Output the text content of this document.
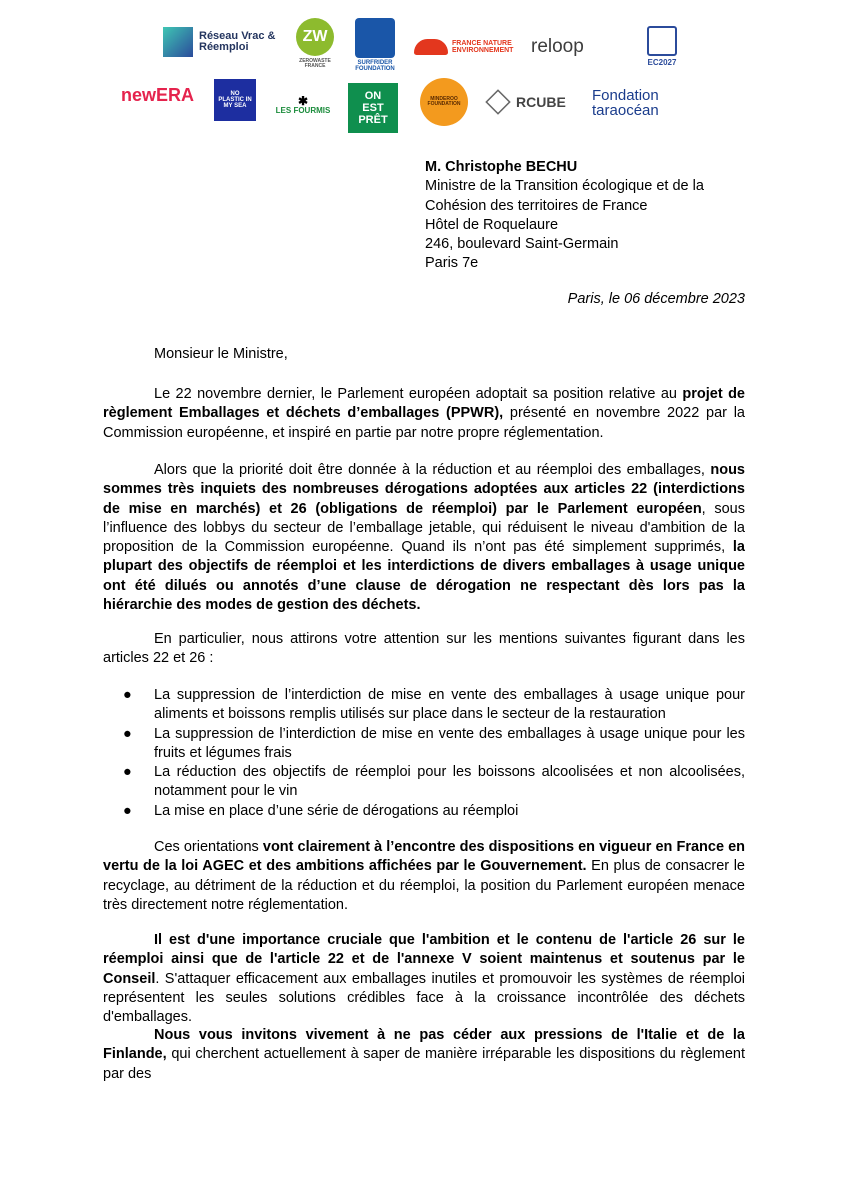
Réseau Vrac & Réemploi
ZW
ZEROWASTE FRANCE	SURFRIDER FOUNDATION
FRANCE NATURE ENVIRONNEMENT reloop
EC2027
newERA	NO PLASTIC IN MY SEA	✱
LES FOURMIS
ON EST PRÊT
MINDEROO FOUNDATION	RCUBE Fondation taraocéan
M. Christophe BECHU
Ministre de la Transition écologique et de la
Cohésion des territoires de France
Hôtel de Roquelaure
246, boulevard Saint-Germain
Paris 7e
Paris, le 06 décembre 2023
Monsieur le Ministre,
Le 22 novembre dernier, le Parlement européen adoptait sa position relative au projet de règlement Emballages et déchets d’emballages (PPWR), présenté en novembre 2022 par la Commission européenne, et inspiré en partie par notre propre réglementation.
Alors que la priorité doit être donnée à la réduction et au réemploi des emballages, nous sommes très inquiets des nombreuses dérogations adoptées aux articles 22 (interdictions de mise en marchés) et 26 (obligations de réemploi) par le Parlement européen, sous l’influence des lobbys du secteur de l’emballage jetable, qui réduisent le niveau d'ambition de la proposition de la Commission européenne. Quand ils n’ont pas été simplement supprimés, la plupart des objectifs de réemploi et les interdictions de divers emballages à usage unique ont été dilués ou annotés d’une clause de dérogation ne respectant dès lors pas la hiérarchie des modes de gestion des déchets.
En particulier, nous attirons votre attention sur les mentions suivantes figurant dans les articles 22 et 26 :
● La suppression de l’interdiction de mise en vente des emballages à usage unique pour aliments et boissons remplis utilisés sur place dans le secteur de la restauration
● La suppression de l’interdiction de mise en vente des emballages à usage unique pour les fruits et légumes frais
● La réduction des objectifs de réemploi pour les boissons alcoolisées et non alcoolisées, notamment pour le vin
● La mise en place d’une série de dérogations au réemploi
Ces orientations vont clairement à l’encontre des dispositions en vigueur en France en vertu de la loi AGEC et des ambitions affichées par le Gouvernement. En plus de consacrer le recyclage, au détriment de la réduction et du réemploi, la position du Parlement européen menace très directement notre réglementation.
Il est d'une importance cruciale que l'ambition et le contenu de l'article 26 sur le réemploi ainsi que de l'article 22 et de l'annexe V soient maintenus et soutenus par le Conseil. S'attaquer efficacement aux emballages inutiles et promouvoir les systèmes de réemploi représentent les seules solutions crédibles face à la croissance incontrôlée des déchets d'emballages.
Nous vous invitons vivement à ne pas céder aux pressions de l'Italie et de la Finlande, qui cherchent actuellement à saper de manière irréparable les dispositions du règlement par des
